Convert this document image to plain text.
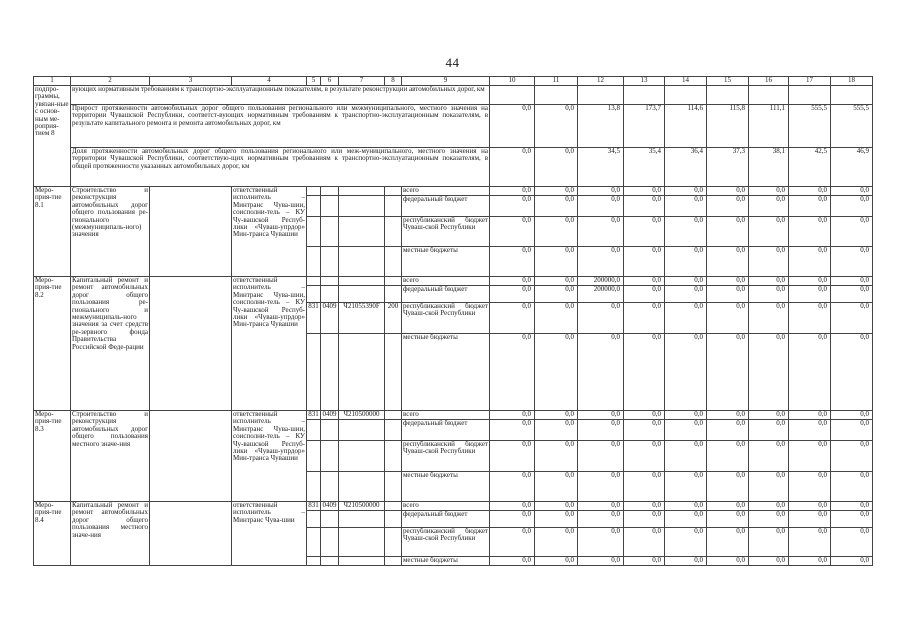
44
1	2	3	4	5	6	7	8	9	10	11	12	13	14	15	16	17	18
подпро-граммы, увязан-ные с основ-ным ме-роприя-тием 8	вующих нормативным требованиям к транспортно-эксплуатационным показателям, в результате реконструкции автомобильных дорог, км																
	Прирост протяженности автомобильных дорог общего пользования регионального или межмуниципального, местного значения на территории Чувашской Республики, соответст-вующих нормативным требованиям к транспортно-эксплуатационным показателям, в результате капитального ремонта и ремонта автомобильных дорог, км								0,0	0,0	13,8	173,7	114,6	115,8	111,1	555,5	555,5
	Доля протяженности автомобильных дорог общего пользования регионального или меж-муниципального, местного значения на территории Чувашской Республики, соответствую-щих нормативным требованиям к транспортно-эксплуатационным показателям, в общей протяженности указанных автомобильных дорог, км								0,0	0,0	34,5	35,4	36,4	37,3	38,1	42,5	46,9
Меро-прия-тие 8.1	Строительство и реконструкция автомобильных дорог общего пользования ре-гионального (межмуниципаль-ного) значения		ответственный исполнитель – Минтранс Чува-шии, соисполни-тель – КУ Чу-вашской Респуб-лики «Чуваш-упрдор» Мин-транса Чувашии					всего	0,0	0,0	0,0	0,0	0,0	0,0	0,0	0,0	0,0
								федеральный бюджет	0,0	0,0	0,0	0,0	0,0	0,0	0,0	0,0	0,0
								республиканский бюджет Чуваш-ской Республики	0,0	0,0	0,0	0,0	0,0	0,0	0,0	0,0	0,0
								местные бюджеты	0,0	0,0	0,0	0,0	0,0	0,0	0,0	0,0	0,0
Меро-прия-тие 8.2	Капитальный ремонт и ремонт автомобильных дорог общего пользования ре-гионального и межмуниципаль-ного значения за счет средств ре-зервного фонда Правительства Российской Феде-рации		ответственный исполнитель – Минтранс Чува-шии, соисполни-тель – КУ Чу-вашской Респуб-лики «Чуваш-упрдор» Мин-транса Чувашии					всего	0,0	0,0	200000,0	0,0	0,0	0,0	0,0	0,0	0,0
								федеральный бюджет	0,0	0,0	200000,0	0,0	0,0	0,0	0,0	0,0	0,0
				831	0409	Ч21055390F	200	республиканский бюджет Чуваш-ской Республики	0,0	0,0	0,0	0,0	0,0	0,0	0,0	0,0	0,0
								местные бюджеты	0,0	0,0	0,0	0,0	0,0	0,0	0,0	0,0	0,0
Меро-прия-тие 8.3	Строительство и реконструкция автомобильных дорог общего пользования местного значе-ния		ответственный исполнитель – Минтранс Чува-шии, соисполни-тель – КУ Чу-вашской Респуб-лики «Чуваш-упрдор» Мин-транса Чувашии	831	0409	Ч210500000		всего	0,0	0,0	0,0	0,0	0,0	0,0	0,0	0,0	0,0
								федеральный бюджет	0,0	0,0	0,0	0,0	0,0	0,0	0,0	0,0	0,0
								республиканский бюджет Чуваш-ской Республики	0,0	0,0	0,0	0,0	0,0	0,0	0,0	0,0	0,0
								местные бюджеты	0,0	0,0	0,0	0,0	0,0	0,0	0,0	0,0	0,0
Меро-прия-тие 8.4	Капитальный ремонт и ремонт автомобильных дорог общего пользования местного значе-ния		ответственный исполнитель – Минтранс Чува-шии	831	0409	Ч210500000		всего	0,0	0,0	0,0	0,0	0,0	0,0	0,0	0,0	0,0
								федеральный бюджет	0,0	0,0	0,0	0,0	0,0	0,0	0,0	0,0	0,0
								республиканский бюджет Чуваш-ской Республики	0,0	0,0	0,0	0,0	0,0	0,0	0,0	0,0	0,0
								местные бюджеты	0,0	0,0	0,0	0,0	0,0	0,0	0,0	0,0	0,0
